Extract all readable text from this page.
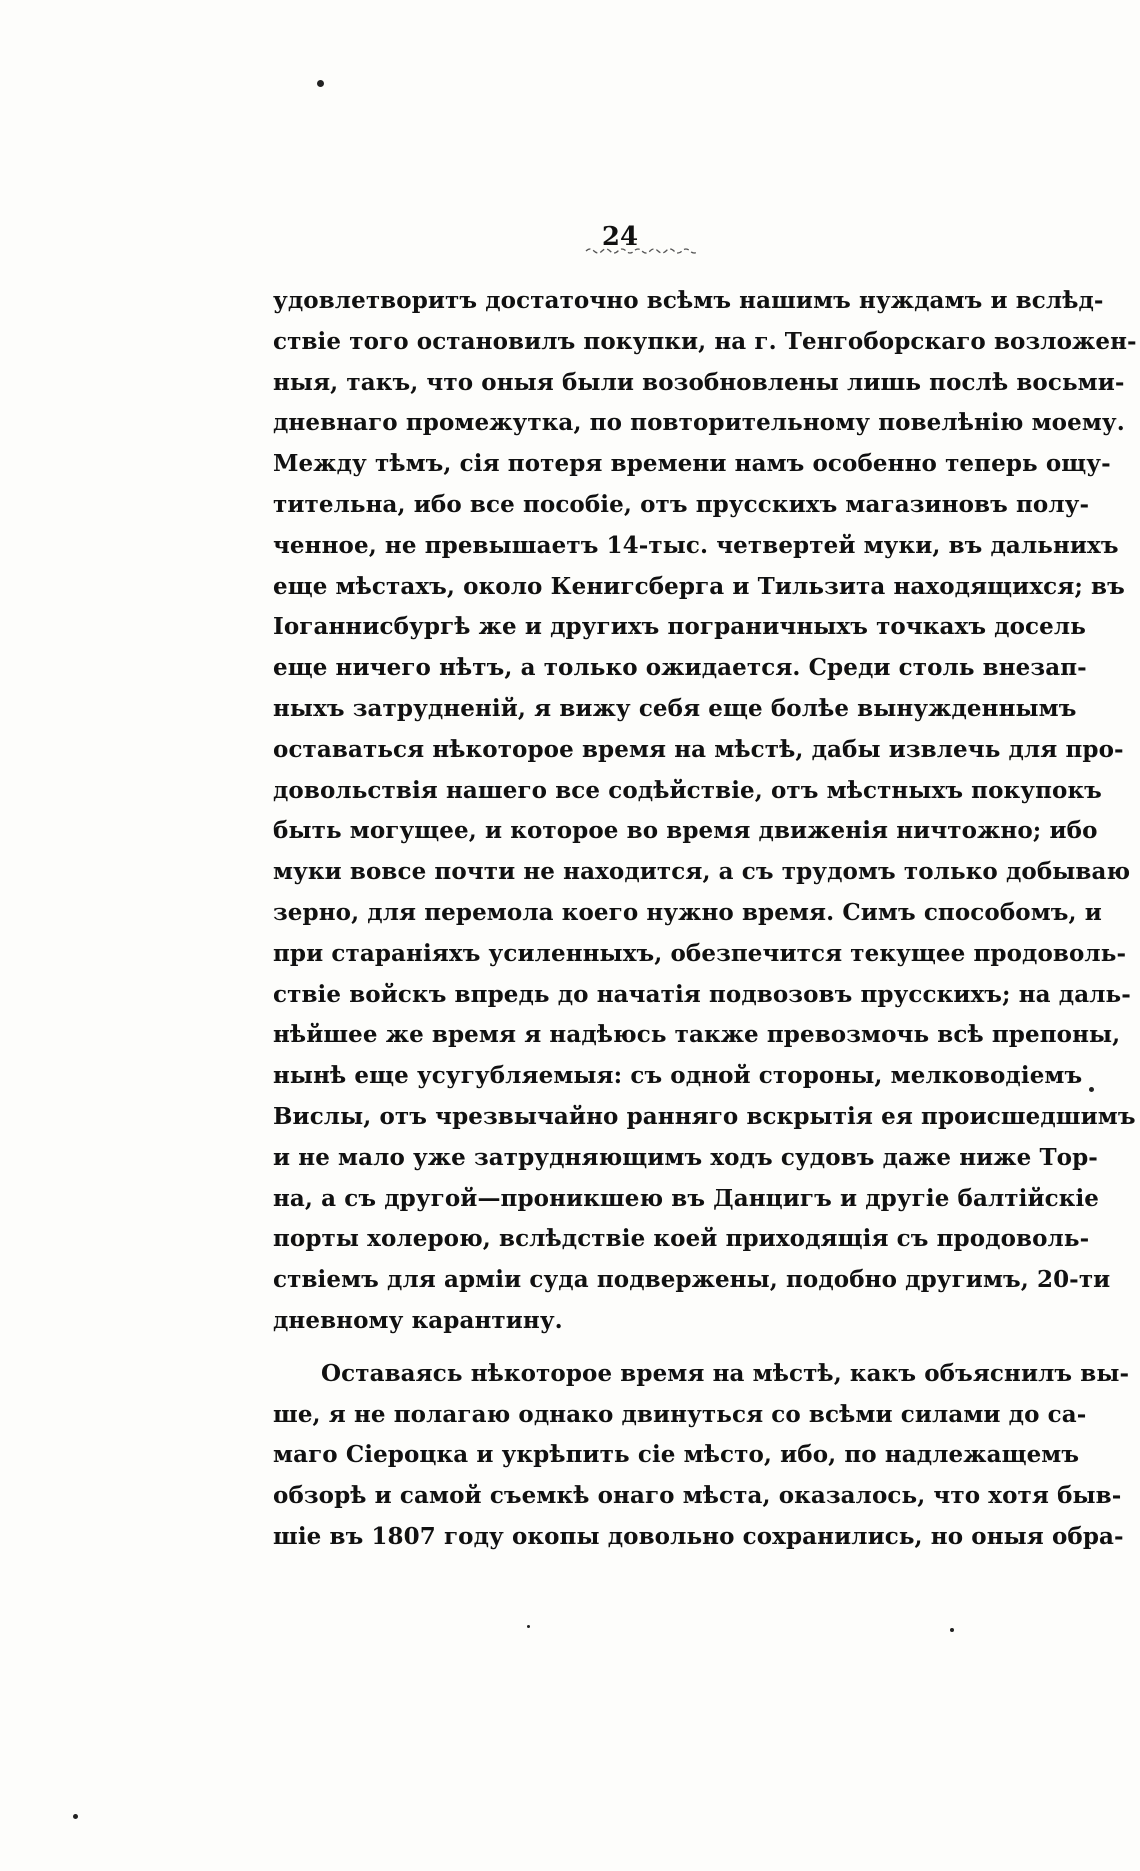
24
удовлетворитъ достаточно всѣмъ нашимъ нуждамъ и вслѣд-
ствіе того остановилъ покупки, на г. Тенгоборскаго возложен-
ныя, такъ, что оныя были возобновлены лишь послѣ восьми-
дневнаго промежутка, по повторительному повелѣнію моему.
Между тѣмъ, сія потеря времени намъ особенно теперь ощу-
тительна, ибо все пособіе, отъ прусскихъ магазиновъ полу-
ченное, не превышаетъ 14-тыс. четвертей муки, въ дальнихъ
еще мѣстахъ, около Кенигсберга и Тильзита находящихся; въ
Іоганнисбургѣ же и другихъ пограничныхъ точкахъ досель
еще ничего нѣтъ, а только ожидается. Среди столь внезап-
ныхъ затрудненій, я вижу себя еще болѣе вынужденнымъ
оставаться нѣкоторое время на мѣстѣ, дабы извлечь для про-
довольствія нашего все содѣйствіе, отъ мѣстныхъ покупокъ
быть могущее, и которое во время движенія ничтожно; ибо
муки вовсе почти не находится, а съ трудомъ только добываю
зерно, для перемола коего нужно время. Симъ способомъ, и
при стараніяхъ усиленныхъ, обезпечится текущее продоволь-
ствіе войскъ впредь до начатія подвозовъ прусскихъ; на даль-
нѣйшее же время я надѣюсь также превозмочь всѣ препоны,
нынѣ еще усугубляемыя: съ одной стороны, мелководіемъ
Вислы, отъ чрезвычайно ранняго вскрытія ея происшедшимъ
и не мало уже затрудняющимъ ходъ судовъ даже ниже Тор-
на, а съ другой—проникшею въ Данцигъ и другіе балтійскіе
порты холерою, вслѣдствіе коей приходящія съ продоволь-
ствіемъ для арміи суда подвержены, подобно другимъ, 20-ти
дневному карантину.
Оставаясь нѣкоторое время на мѣстѣ, какъ объяснилъ вы-
ше, я не полагаю однако двинуться со всѣми силами до са-
маго Сіероцка и укрѣпить сіе мѣсто, ибо, по надлежащемъ
обзорѣ и самой съемкѣ онаго мѣста, оказалось, что хотя быв-
шіе въ 1807 году окопы довольно сохранились, но оныя обра-
